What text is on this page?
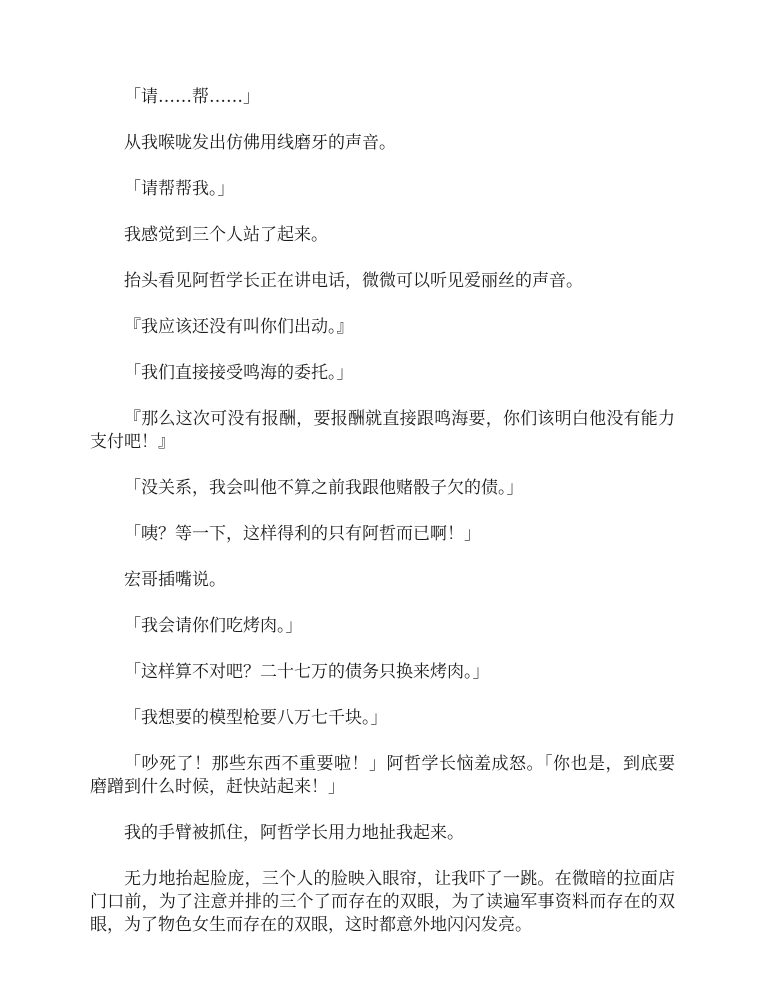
「请……帮……」

从我喉咙发出仿佛用线磨牙的声音。

「请帮帮我。」

我感觉到三个人站了起来。

抬头看见阿哲学长正在讲电话，微微可以听见爱丽丝的声音。

『我应该还没有叫你们出动。』

「我们直接接受鸣海的委托。」

『那么这次可没有报酬，要报酬就直接跟鸣海要，你们该明白他没有能力支付吧！』

「没关系，我会叫他不算之前我跟他赌骰子欠的债。」

「咦？等一下，这样得利的只有阿哲而已啊！」

宏哥插嘴说。

「我会请你们吃烤肉。」

「这样算不对吧？二十七万的债务只换来烤肉。」

「我想要的模型枪要八万七千块。」

「吵死了！那些东西不重要啦！」阿哲学长恼羞成怒。「你也是，到底要磨蹭到什么时候，赶快站起来！」

我的手臂被抓住，阿哲学长用力地扯我起来。

无力地抬起脸庞，三个人的脸映入眼帘，让我吓了一跳。在微暗的拉面店门口前，为了注意并排的三个了而存在的双眼，为了读遍军事资料而存在的双眼，为了物色女生而存在的双眼，这时都意外地闪闪发亮。
